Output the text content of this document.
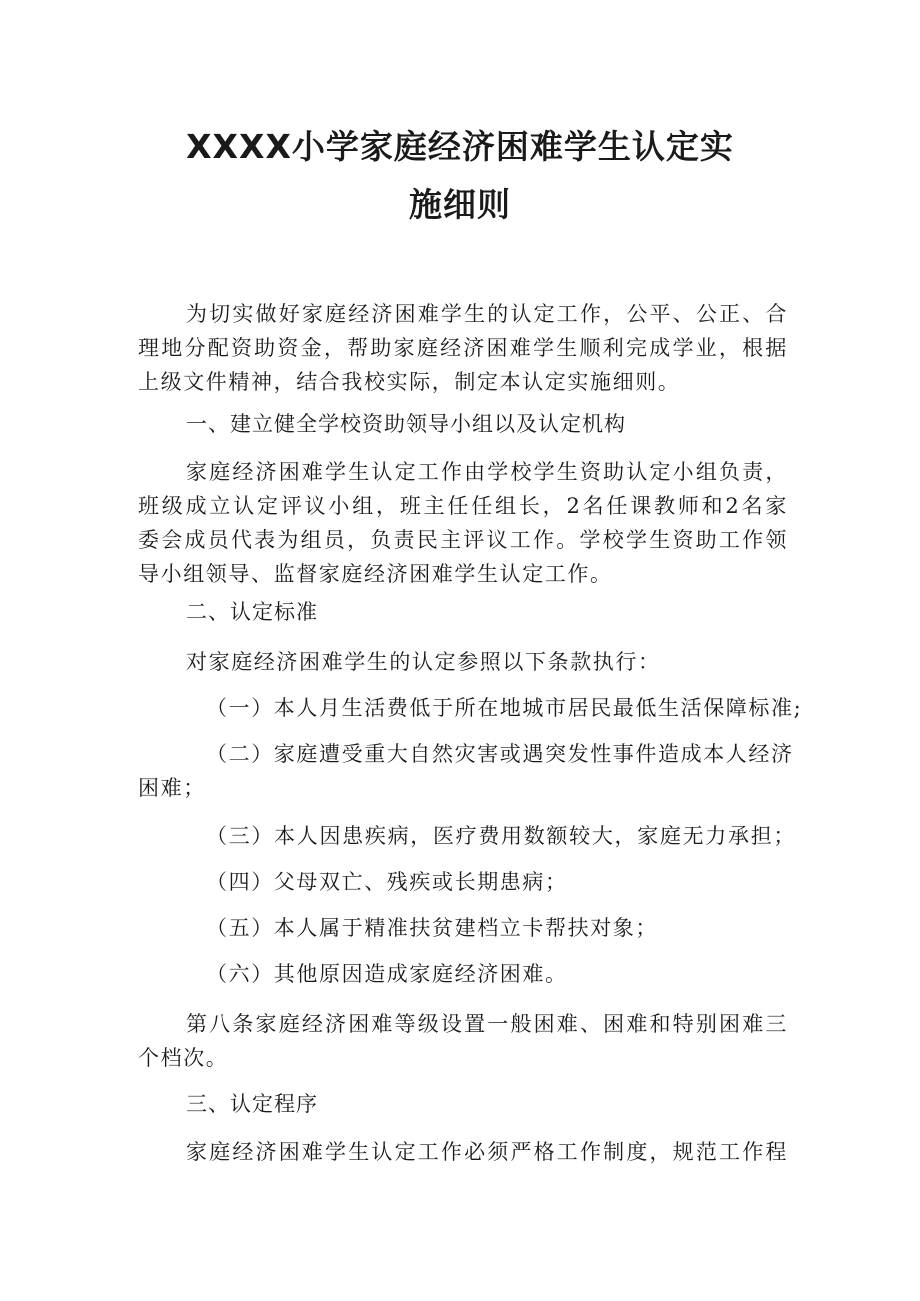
XXXX小学家庭经济困难学生认定实
施细则

为切实做好家庭经济困难学生的认定工作，公平、公正、合

理地分配资助资金，帮助家庭经济困难学生顺利完成学业，根据

上级文件精神，结合我校实际，制定本认定实施细则。

一、建立健全学校资助领导小组以及认定机构

家庭经济困难学生认定工作由学校学生资助认定小组负责，

班级成立认定评议小组，班主任任组长，2名任课教师和2名家

委会成员代表为组员，负责民主评议工作。学校学生资助工作领

导小组领导、监督家庭经济困难学生认定工作。

二、认定标准

对家庭经济困难学生的认定参照以下条款执行：

（一）本人月生活费低于所在地城市居民最低生活保障标准;

（二）家庭遭受重大自然灾害或遇突发性事件造成本人经济

困难；

（三）本人因患疾病，医疗费用数额较大，家庭无力承担；

（四）父母双亡、残疾或长期患病；

（五）本人属于精准扶贫建档立卡帮扶对象；

（六）其他原因造成家庭经济困难。

第八条家庭经济困难等级设置一般困难、困难和特别困难三

个档次。

三、认定程序

家庭经济困难学生认定工作必须严格工作制度，规范工作程
